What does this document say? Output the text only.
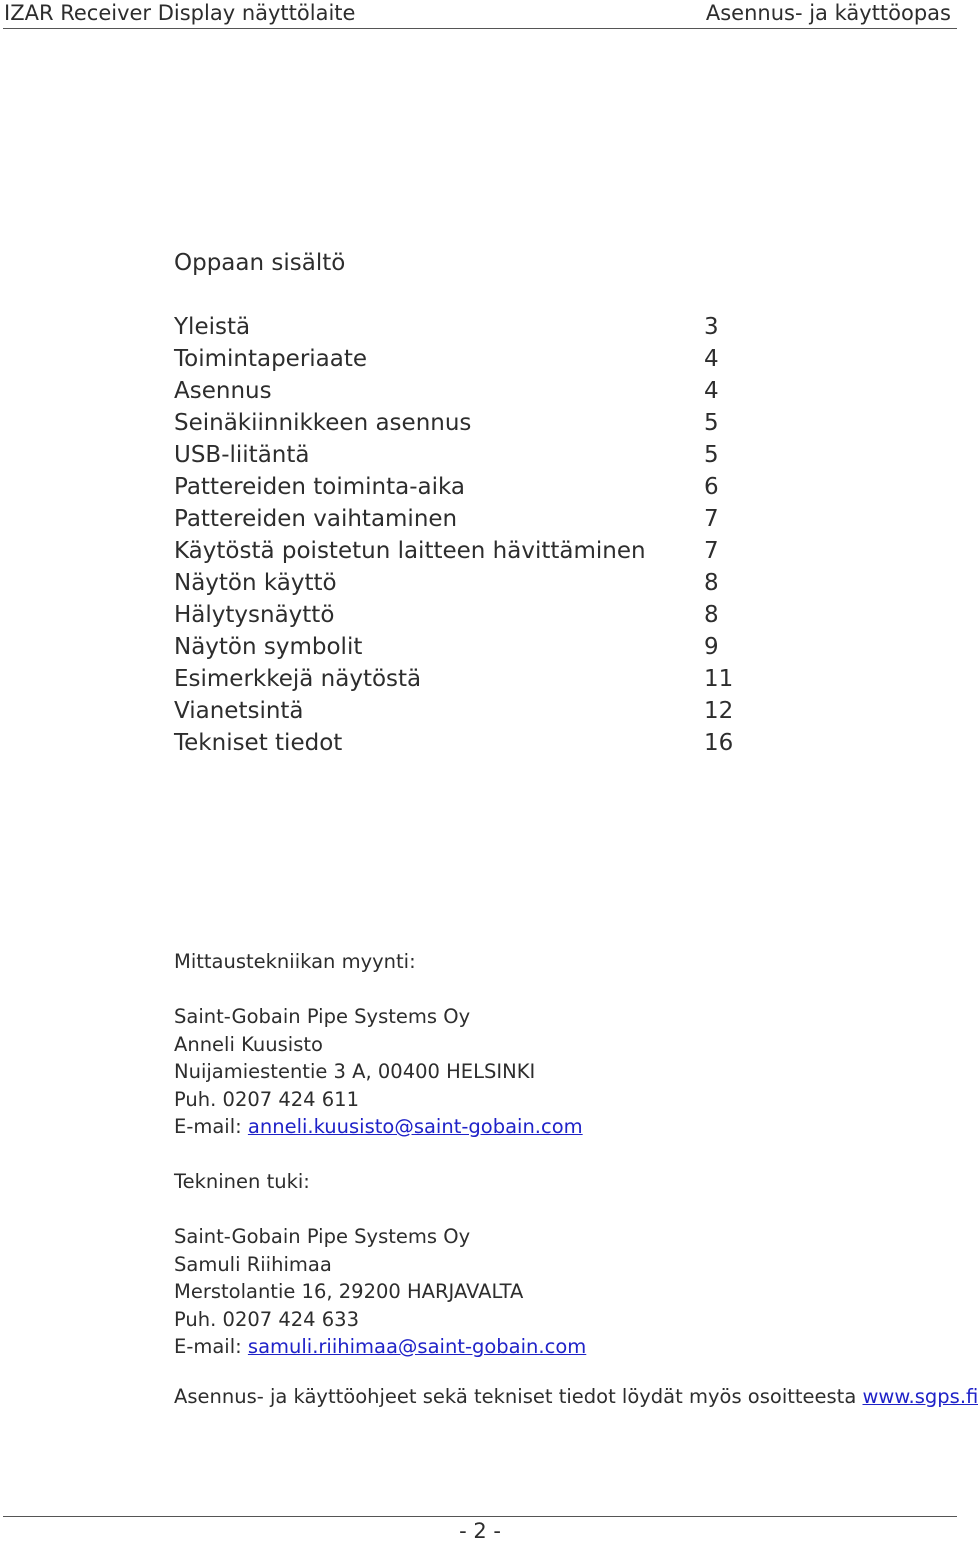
IZAR Receiver Display näyttölaite	Asennus- ja käyttöopas
Oppaan sisältö
Yleistä	3
Toimintaperiaate	4
Asennus	4
Seinäkiinnikkeen asennus	5
USB-liitäntä	5
Pattereiden toiminta-aika	6
Pattereiden vaihtaminen	7
Käytöstä poistetun laitteen hävittäminen	7
Näytön käyttö	8
Hälytysnäyttö	8
Näytön symbolit	9
Esimerkkejä näytöstä	11
Vianetsintä	12
Tekniset tiedot	16
Mittaustekniikan myynti:
Saint-Gobain Pipe Systems Oy
Anneli Kuusisto
Nuijamiestentie 3 A, 00400 HELSINKI
Puh. 0207 424 611
E-mail: anneli.kuusisto@saint-gobain.com
Tekninen tuki:
Saint-Gobain Pipe Systems Oy
Samuli Riihimaa
Merstolantie 16, 29200 HARJAVALTA
Puh. 0207 424 633
E-mail: samuli.riihimaa@saint-gobain.com
Asennus- ja käyttöohjeet sekä tekniset tiedot löydät myös osoitteesta www.sgps.fi
- 2 -
